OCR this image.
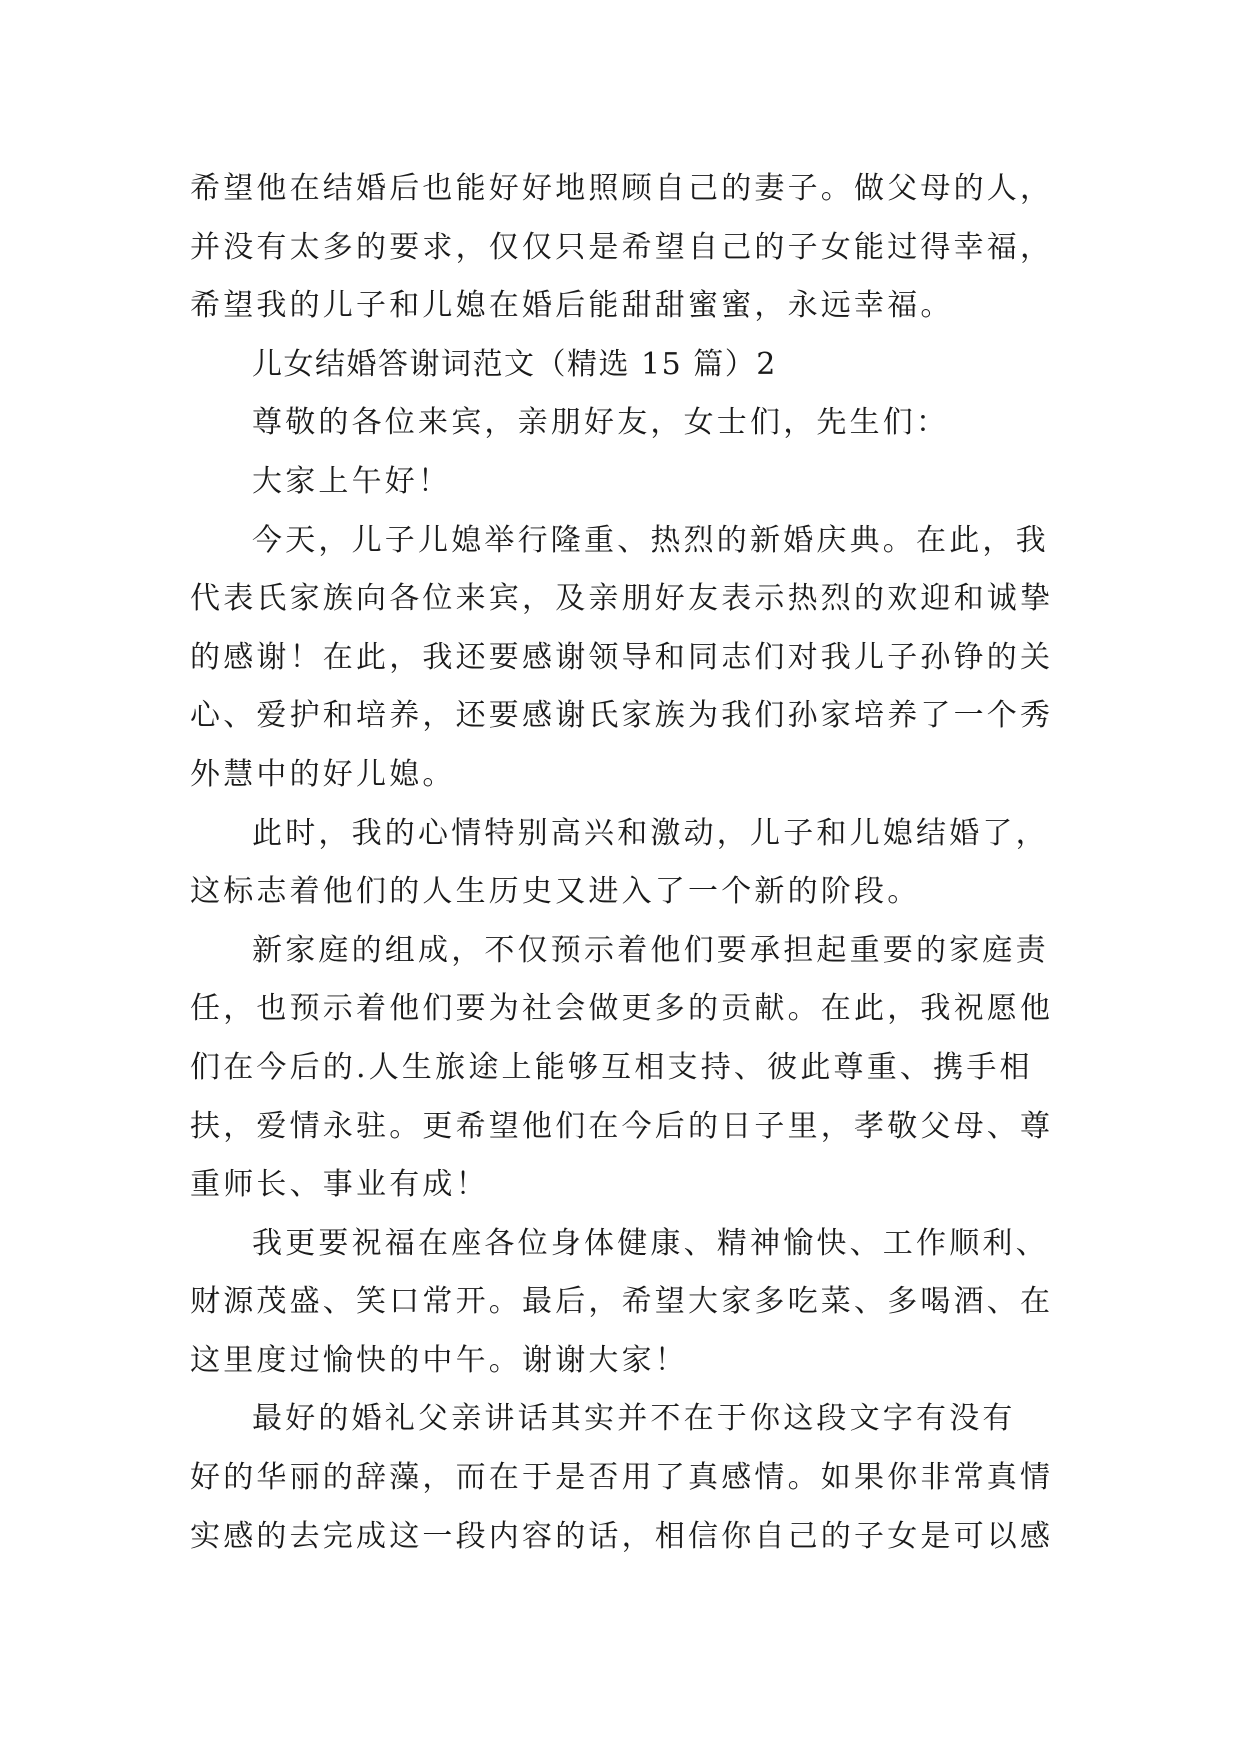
希望他在结婚后也能好好地照顾自己的妻子。做父母的人，
并没有太多的要求，仅仅只是希望自己的子女能过得幸福，
希望我的儿子和儿媳在婚后能甜甜蜜蜜，永远幸福。
儿女结婚答谢词范文（精选 15 篇）2
尊敬的各位来宾，亲朋好友，女士们，先生们：
大家上午好！
今天，儿子儿媳举行隆重、热烈的新婚庆典。在此，我
代表氏家族向各位来宾，及亲朋好友表示热烈的欢迎和诚挚
的感谢！在此，我还要感谢领导和同志们对我儿子孙铮的关
心、爱护和培养，还要感谢氏家族为我们孙家培养了一个秀
外慧中的好儿媳。
此时，我的心情特别高兴和激动，儿子和儿媳结婚了，
这标志着他们的人生历史又进入了一个新的阶段。
新家庭的组成，不仅预示着他们要承担起重要的家庭责
任，也预示着他们要为社会做更多的贡献。在此，我祝愿他
们在今后的.人生旅途上能够互相支持、彼此尊重、携手相
扶，爱情永驻。更希望他们在今后的日子里，孝敬父母、尊
重师长、事业有成！
我更要祝福在座各位身体健康、精神愉快、工作顺利、
财源茂盛、笑口常开。最后，希望大家多吃菜、多喝酒、在
这里度过愉快的中午。谢谢大家！
最好的婚礼父亲讲话其实并不在于你这段文字有没有
好的华丽的辞藻，而在于是否用了真感情。如果你非常真情
实感的去完成这一段内容的话，相信你自己的子女是可以感
